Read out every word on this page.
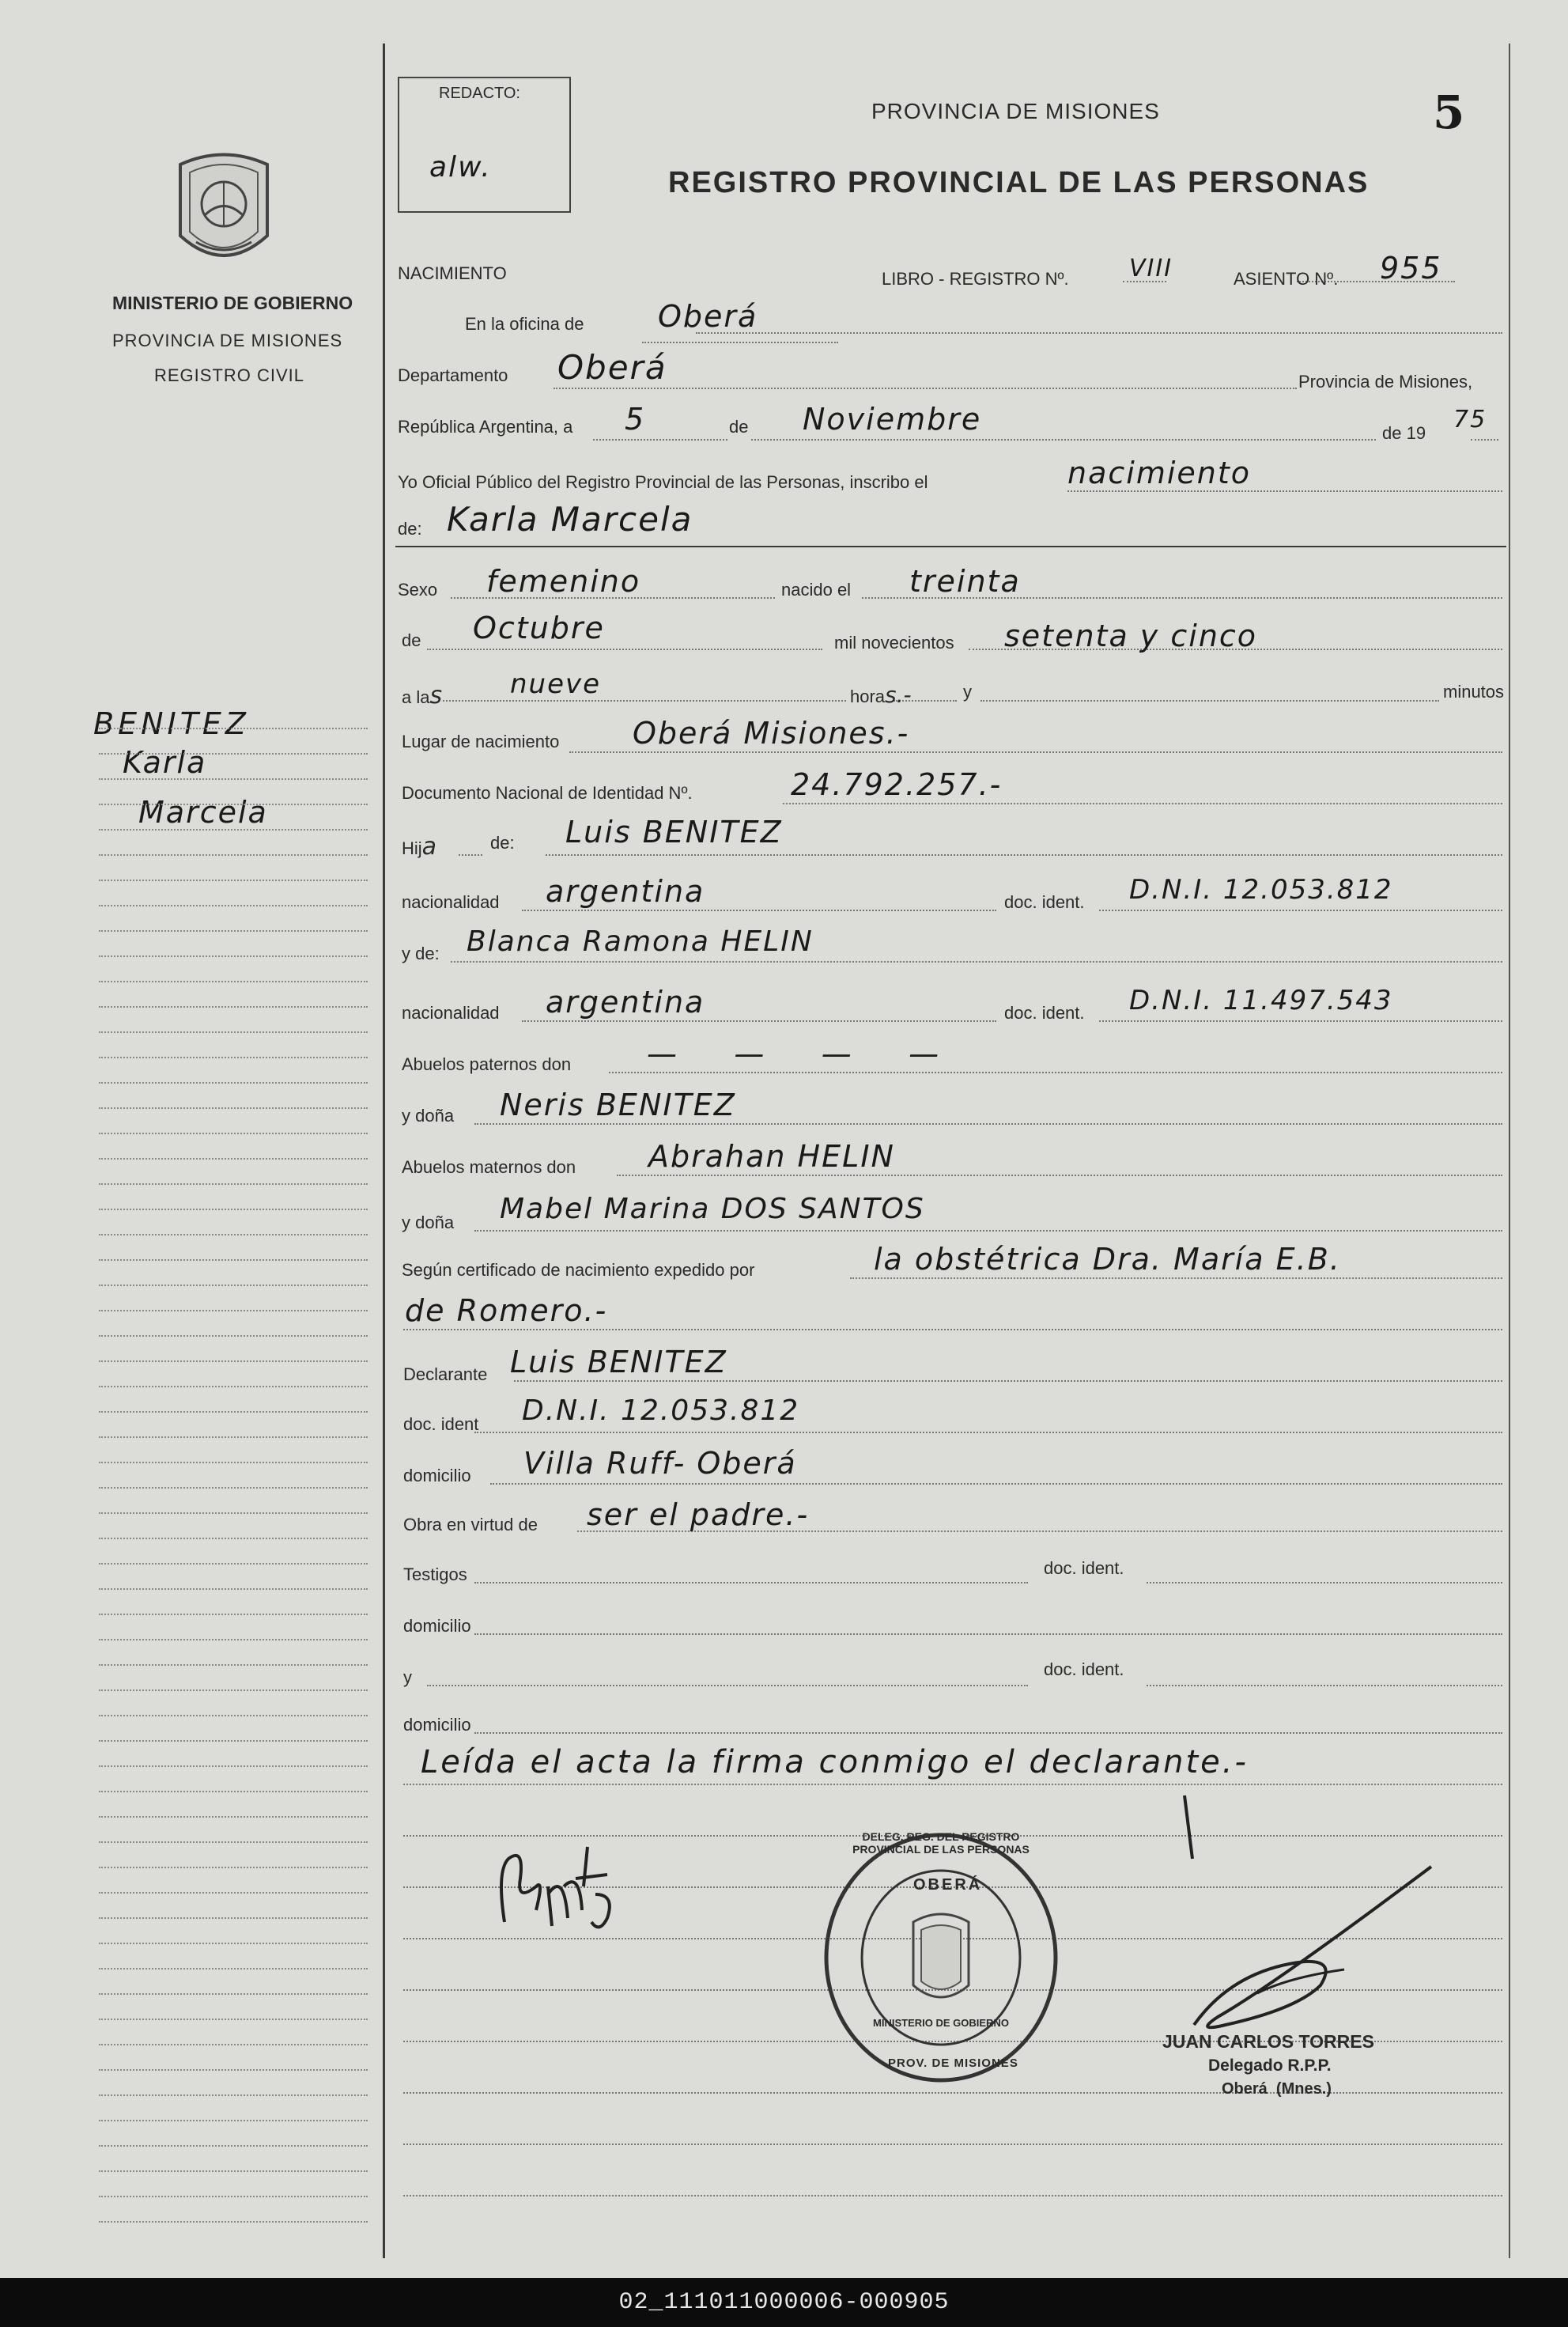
MINISTERIO DE GOBIERNO
PROVINCIA DE MISIONES
REGISTRO CIVIL
BENITEZ
Karla
Marcela
REDACTO:
alw.
PROVINCIA DE MISIONES
REGISTRO PROVINCIAL DE LAS PERSONAS
5
NACIMIENTO	LIBRO - REGISTRO Nº.	VIII	ASIENTO Nº. 955
En la oficina de Oberá
Departamento Oberá	Provincia de Misiones,
República Argentina, a 5	de Noviembre	de 19 75
Yo Oficial Público del Registro Provincial de las Personas, inscribo el	nacimiento
de: Karla Marcela
Sexo femenino	nacido el treinta
de Octubre	mil novecientos setenta y cinco
a las	nueve	horas.-	y	minutos
Lugar de nacimiento Oberá Misiones.-
Documento Nacional de Identidad Nº.	24.792.257.-
Hija	de: Luis BENITEZ
nacionalidad argentina	doc. ident. D.N.I. 12.053.812
y de: Blanca Ramona HELIN
nacionalidad argentina	doc. ident. D.N.I. 11.497.543
Abuelos paternos don	—     —     —     —
y doña Neris BENITEZ
Abuelos maternos don Abrahan HELIN
y doña Mabel Marina DOS SANTOS
Según certificado de nacimiento expedido por	la obstétrica Dra. María E.B.
de Romero.-
Declarante Luis BENITEZ
doc. ident D.N.I. 12.053.812
domicilio Villa Ruff- Oberá
Obra en virtud de ser el padre.-
Testigos	doc. ident.
domicilio
y	doc. ident.
domicilio
Leída el acta la firma conmigo el declarante.-
DELEG. REG. DEL REGISTRO PROVINCIAL DE LAS PERSONAS
OBERÁ
MINISTERIO DE GOBIERNO
PROV. DE MISIONES
JUAN CARLOS TORRES
Delegado R.P.P.
Oberá  (Mnes.)
02_111011000006-000905
